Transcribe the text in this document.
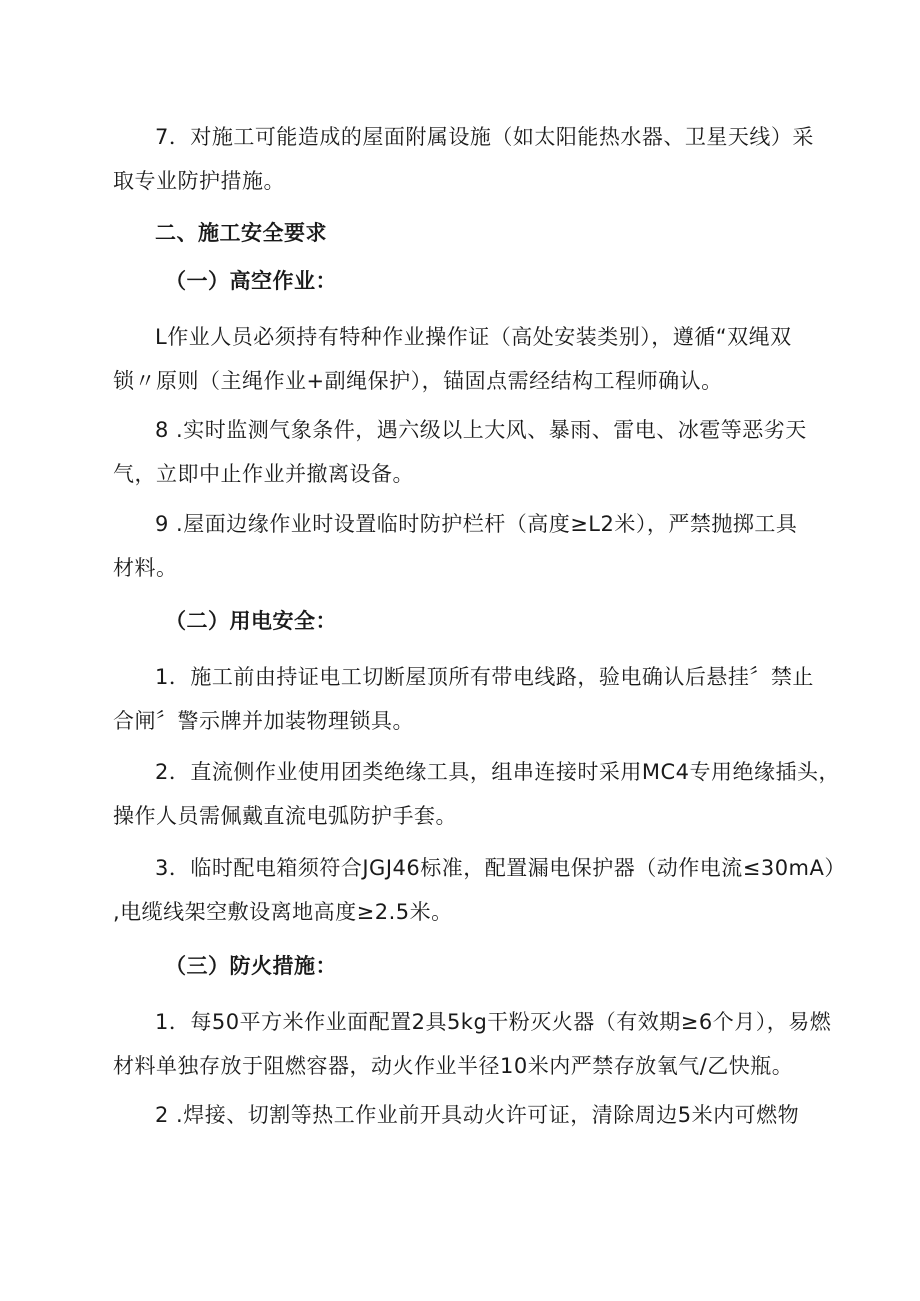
7．对施工可能造成的屋面附属设施（如太阳能热水器、卫星天线）采
取专业防护措施。

二、施工安全要求
（一）高空作业：

L作业人员必须持有特种作业操作证（高处安装类别），遵循“双绳双
锁〃原则（主绳作业+副绳保护），锚固点需经结构工程师确认。

8 .实时监测气象条件，遇六级以上大风、暴雨、雷电、冰雹等恶劣天
气，立即中止作业并撤离设备。

9 .屋面边缘作业时设置临时防护栏杆（高度≥L2米），严禁抛掷工具
材料。

（二）用电安全：

1．施工前由持证电工切断屋顶所有带电线路，验电确认后悬挂〞禁止
合闸〞警示牌并加装物理锁具。

2．直流侧作业使用团类绝缘工具，组串连接时采用MC4专用绝缘插头，
操作人员需佩戴直流电弧防护手套。

3．临时配电箱须符合JGJ46标准，配置漏电保护器（动作电流≤30mA）
,电缆线架空敷设离地高度≥2.5米。

（三）防火措施：

1．每50平方米作业面配置2具5kg干粉灭火器（有效期≥6个月），易燃
材料单独存放于阻燃容器，动火作业半径10米内严禁存放氧气/乙快瓶。

2 .焊接、切割等热工作业前开具动火许可证，清除周边5米内可燃物
